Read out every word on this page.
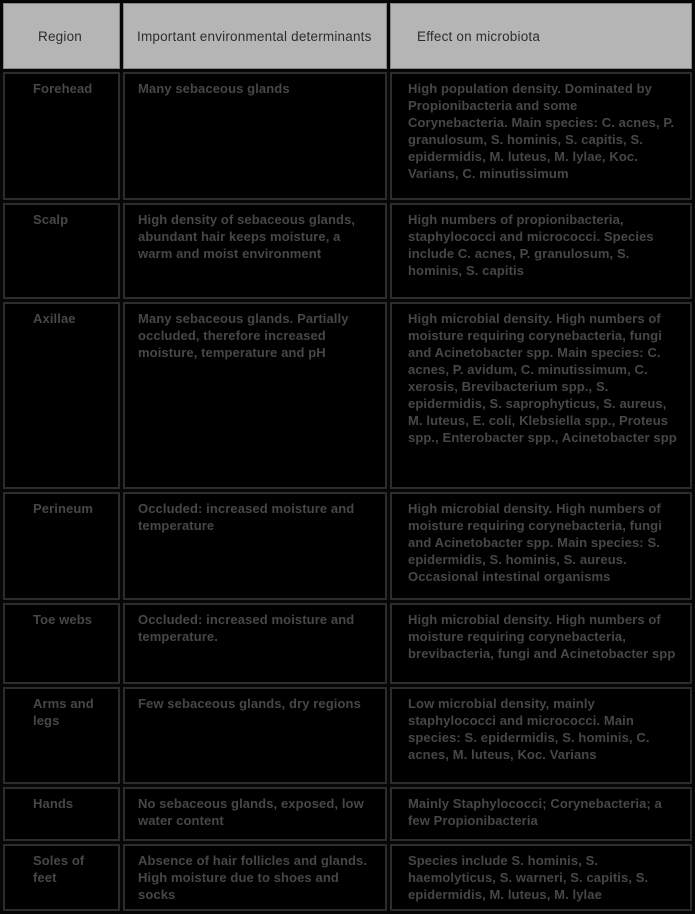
Region	Important environmental determinants	Effect on microbiota
Forehead	Many sebaceous glands	High population density. Dominated by Propionibacteria and some Corynebacteria. Main species: C. acnes, P. granulosum, S. hominis, S. capitis, S. epidermidis, M. luteus, M. lylae, Koc. Varians, C. minutissimum
Scalp	High density of sebaceous glands, abundant hair keeps moisture, a warm and moist environment	High numbers of propionibacteria, staphylococci and micrococci. Species include C. acnes, P. granulosum, S. hominis, S. capitis
Axillae	Many sebaceous glands. Partially occluded, therefore increased moisture, temperature and pH	High microbial density. High numbers of moisture requiring corynebacteria, fungi and Acinetobacter spp. Main species: C. acnes, P. avidum, C. minutissimum, C. xerosis, Brevibacterium spp., S. epidermidis, S. saprophyticus, S. aureus, M. luteus, E. coli, Klebsiella spp., Proteus spp., Enterobacter spp., Acinetobacter spp
Perineum	Occluded: increased moisture and temperature	High microbial density. High numbers of moisture requiring corynebacteria, fungi and Acinetobacter spp. Main species: S. epidermidis, S. hominis, S. aureus. Occasional intestinal organisms
Toe webs	Occluded: increased moisture and temperature.	High microbial density. High numbers of moisture requiring corynebacteria, brevibacteria, fungi and Acinetobacter spp
Arms and legs	Few sebaceous glands, dry regions	Low microbial density, mainly staphylococci and micrococci. Main species: S. epidermidis, S. hominis, C. acnes, M. luteus, Koc. Varians
Hands	No sebaceous glands, exposed, low water content	Mainly Staphylococci; Corynebacteria; a few Propionibacteria
Soles of feet	Absence of hair follicles and glands. High moisture due to shoes and socks	Species include S. hominis, S. haemolyticus, S. warneri, S. capitis, S. epidermidis, M. luteus, M. lylae
